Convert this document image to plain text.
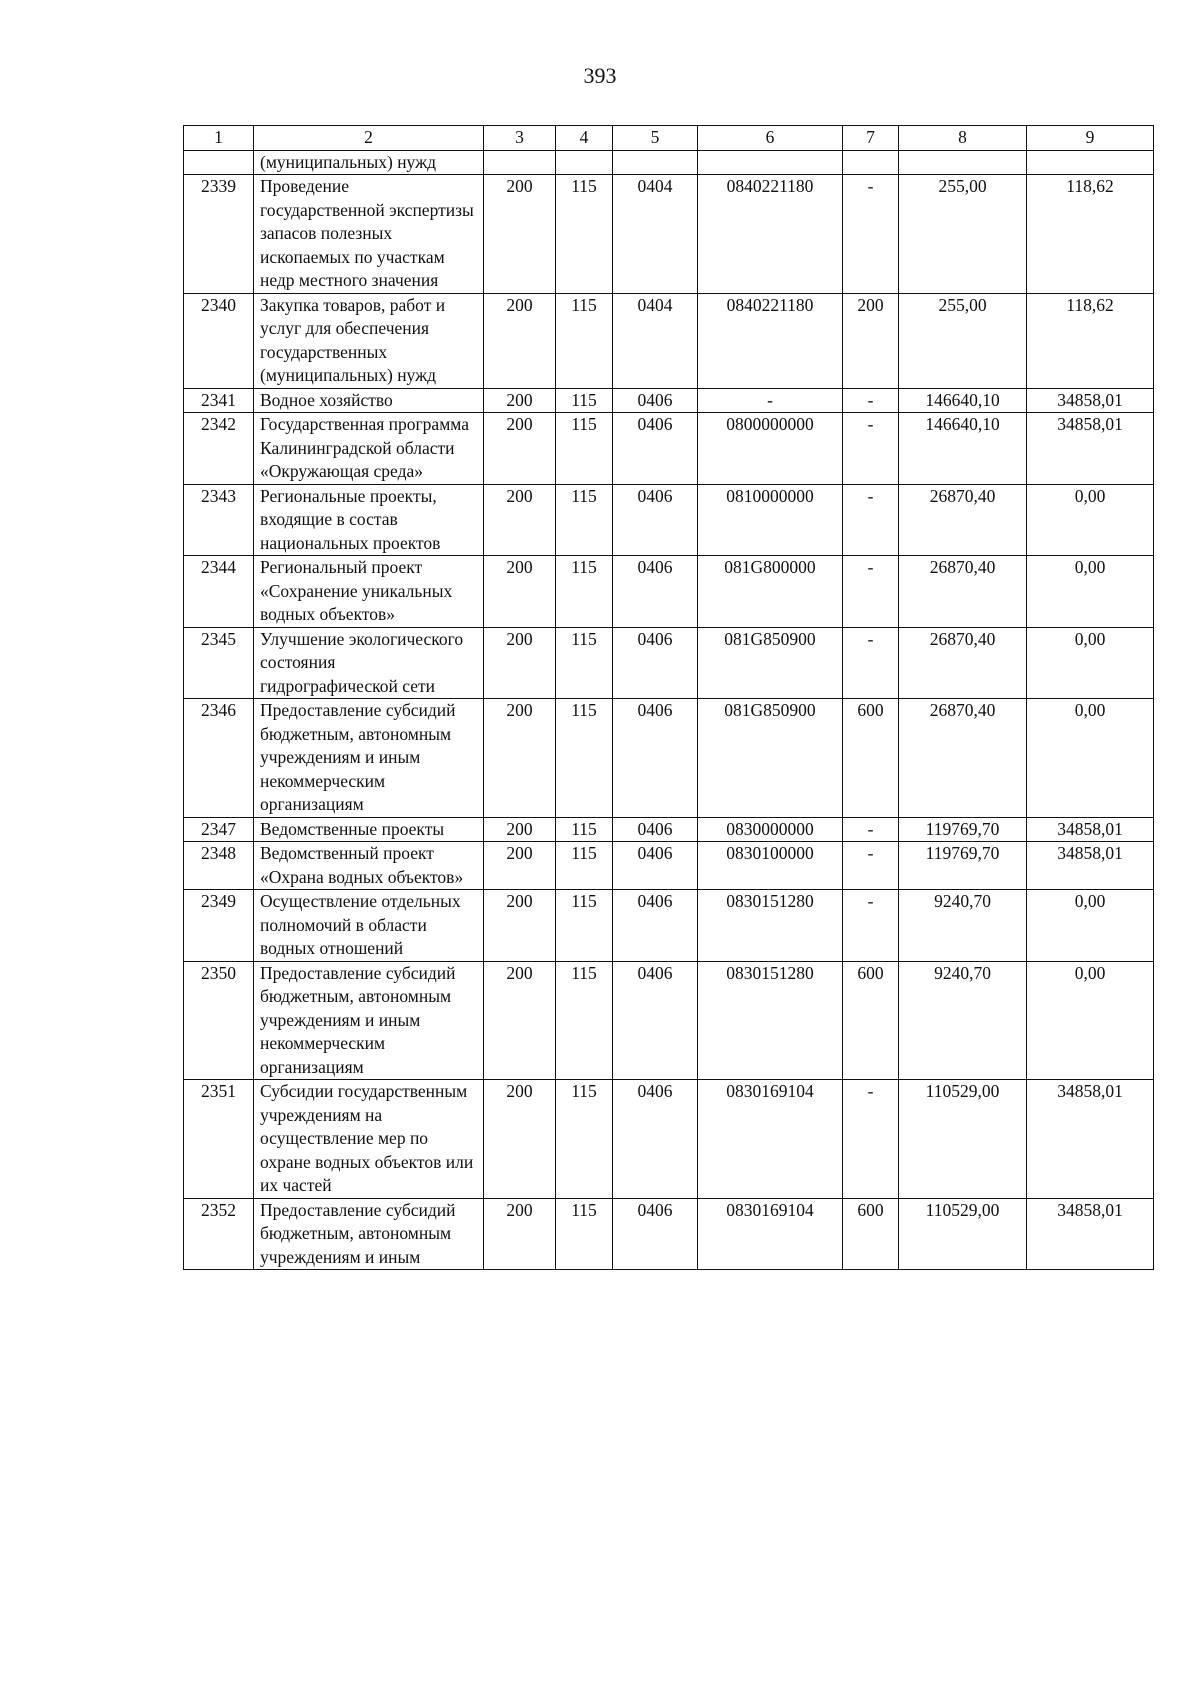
393
1	2	3	4	5	6	7	8	9
	(муниципальных) нужд							
2339	Проведение государственной экспертизы запасов полезных ископаемых по участкам недр местного значения	200	115	0404	0840221180	-	255,00	118,62
2340	Закупка товаров, работ и услуг для обеспечения государственных (муниципальных) нужд	200	115	0404	0840221180	200	255,00	118,62
2341	Водное хозяйство	200	115	0406	-	-	146640,10	34858,01
2342	Государственная программа Калининградской области «Окружающая среда»	200	115	0406	0800000000	-	146640,10	34858,01
2343	Региональные проекты, входящие в состав национальных проектов	200	115	0406	0810000000	-	26870,40	0,00
2344	Региональный проект «Сохранение уникальных водных объектов»	200	115	0406	081G800000	-	26870,40	0,00
2345	Улучшение экологического состояния гидрографической сети	200	115	0406	081G850900	-	26870,40	0,00
2346	Предоставление субсидий бюджетным, автономным учреждениям и иным некоммерческим организациям	200	115	0406	081G850900	600	26870,40	0,00
2347	Ведомственные проекты	200	115	0406	0830000000	-	119769,70	34858,01
2348	Ведомственный проект «Охрана водных объектов»	200	115	0406	0830100000	-	119769,70	34858,01
2349	Осуществление отдельных полномочий в области водных отношений	200	115	0406	0830151280	-	9240,70	0,00
2350	Предоставление субсидий бюджетным, автономным учреждениям и иным некоммерческим организациям	200	115	0406	0830151280	600	9240,70	0,00
2351	Субсидии государственным учреждениям на осуществление мер по охране водных объектов или их частей	200	115	0406	0830169104	-	110529,00	34858,01
2352	Предоставление субсидий бюджетным, автономным учреждениям и иным	200	115	0406	0830169104	600	110529,00	34858,01
